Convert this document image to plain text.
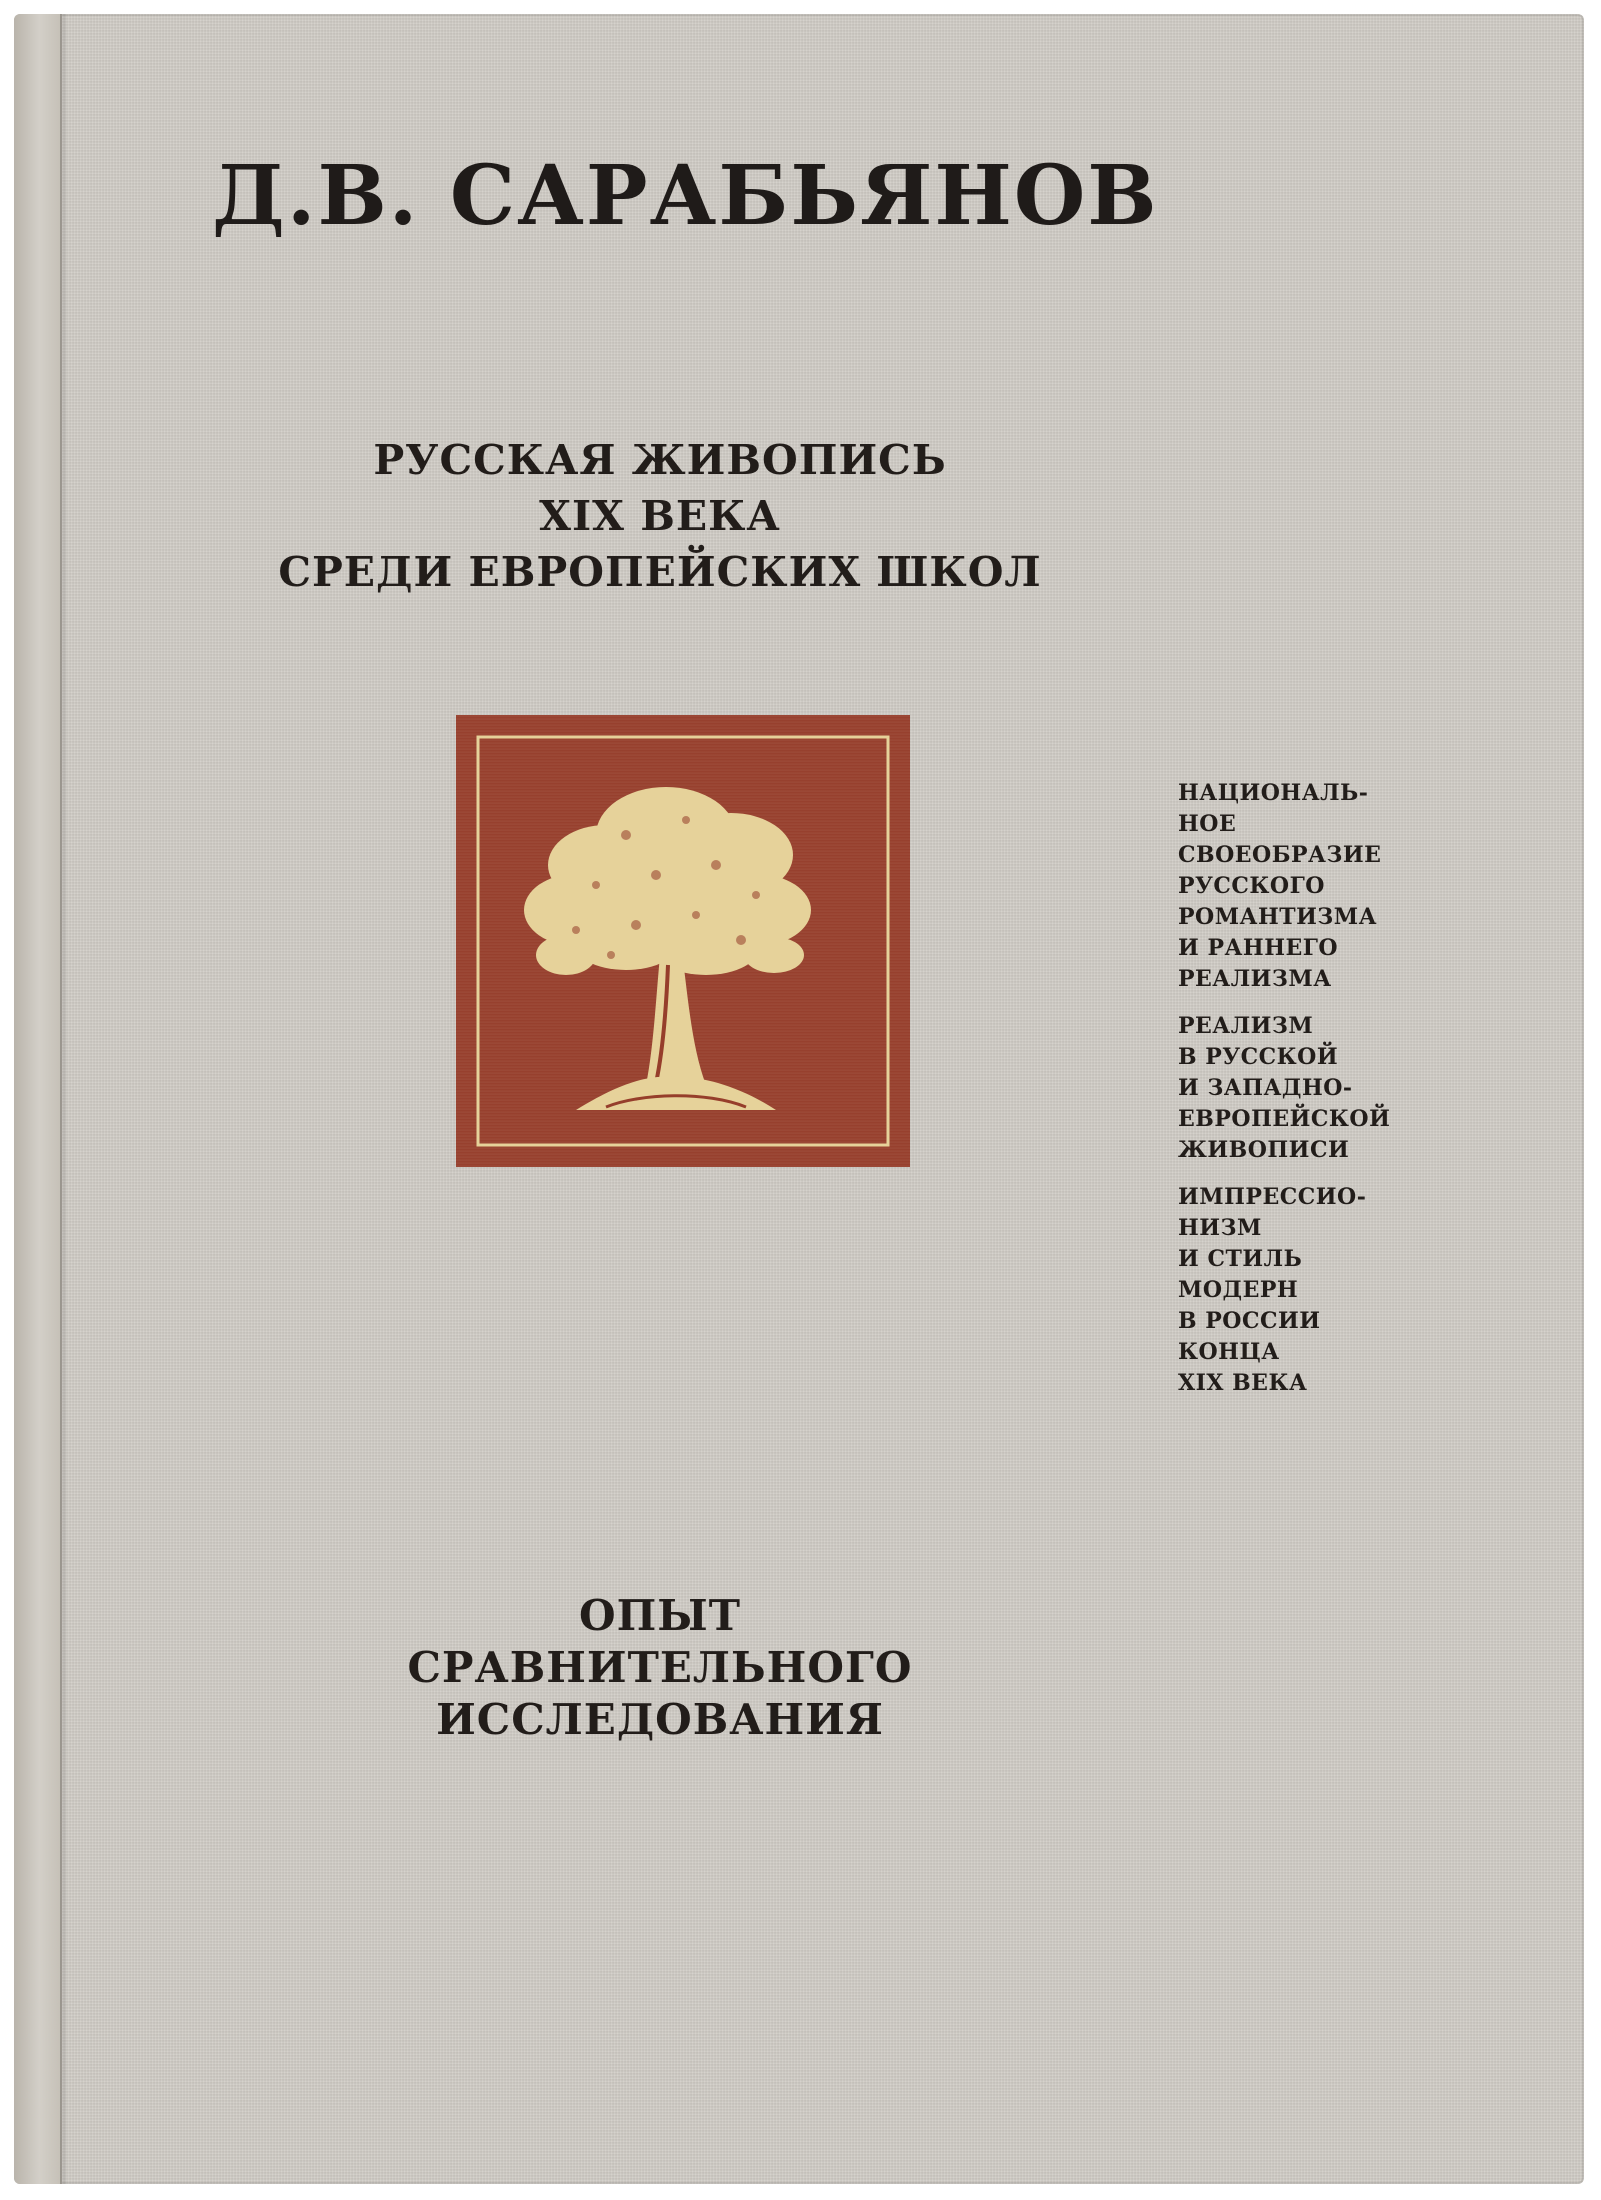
Д.В. САРАБЬЯНОВ
РУССКАЯ ЖИВОПИСЬ
XIX ВЕКА
СРЕДИ ЕВРОПЕЙСКИХ ШКОЛ
НАЦИОНАЛЬ-
НОЕ
СВОЕОБРАЗИЕ
РУССКОГО
РОМАНТИЗМА
И РАННЕГО
РЕАЛИЗМА
РЕАЛИЗМ
В РУССКОЙ
И ЗАПАДНО-
ЕВРОПЕЙСКОЙ
ЖИВОПИСИ
ИМПРЕССИО-
НИЗМ
И СТИЛЬ
МОДЕРН
В РОССИИ
КОНЦА
XIX ВЕКА
ОПЫТ
СРАВНИТЕЛЬНОГО
ИССЛЕДОВАНИЯ
